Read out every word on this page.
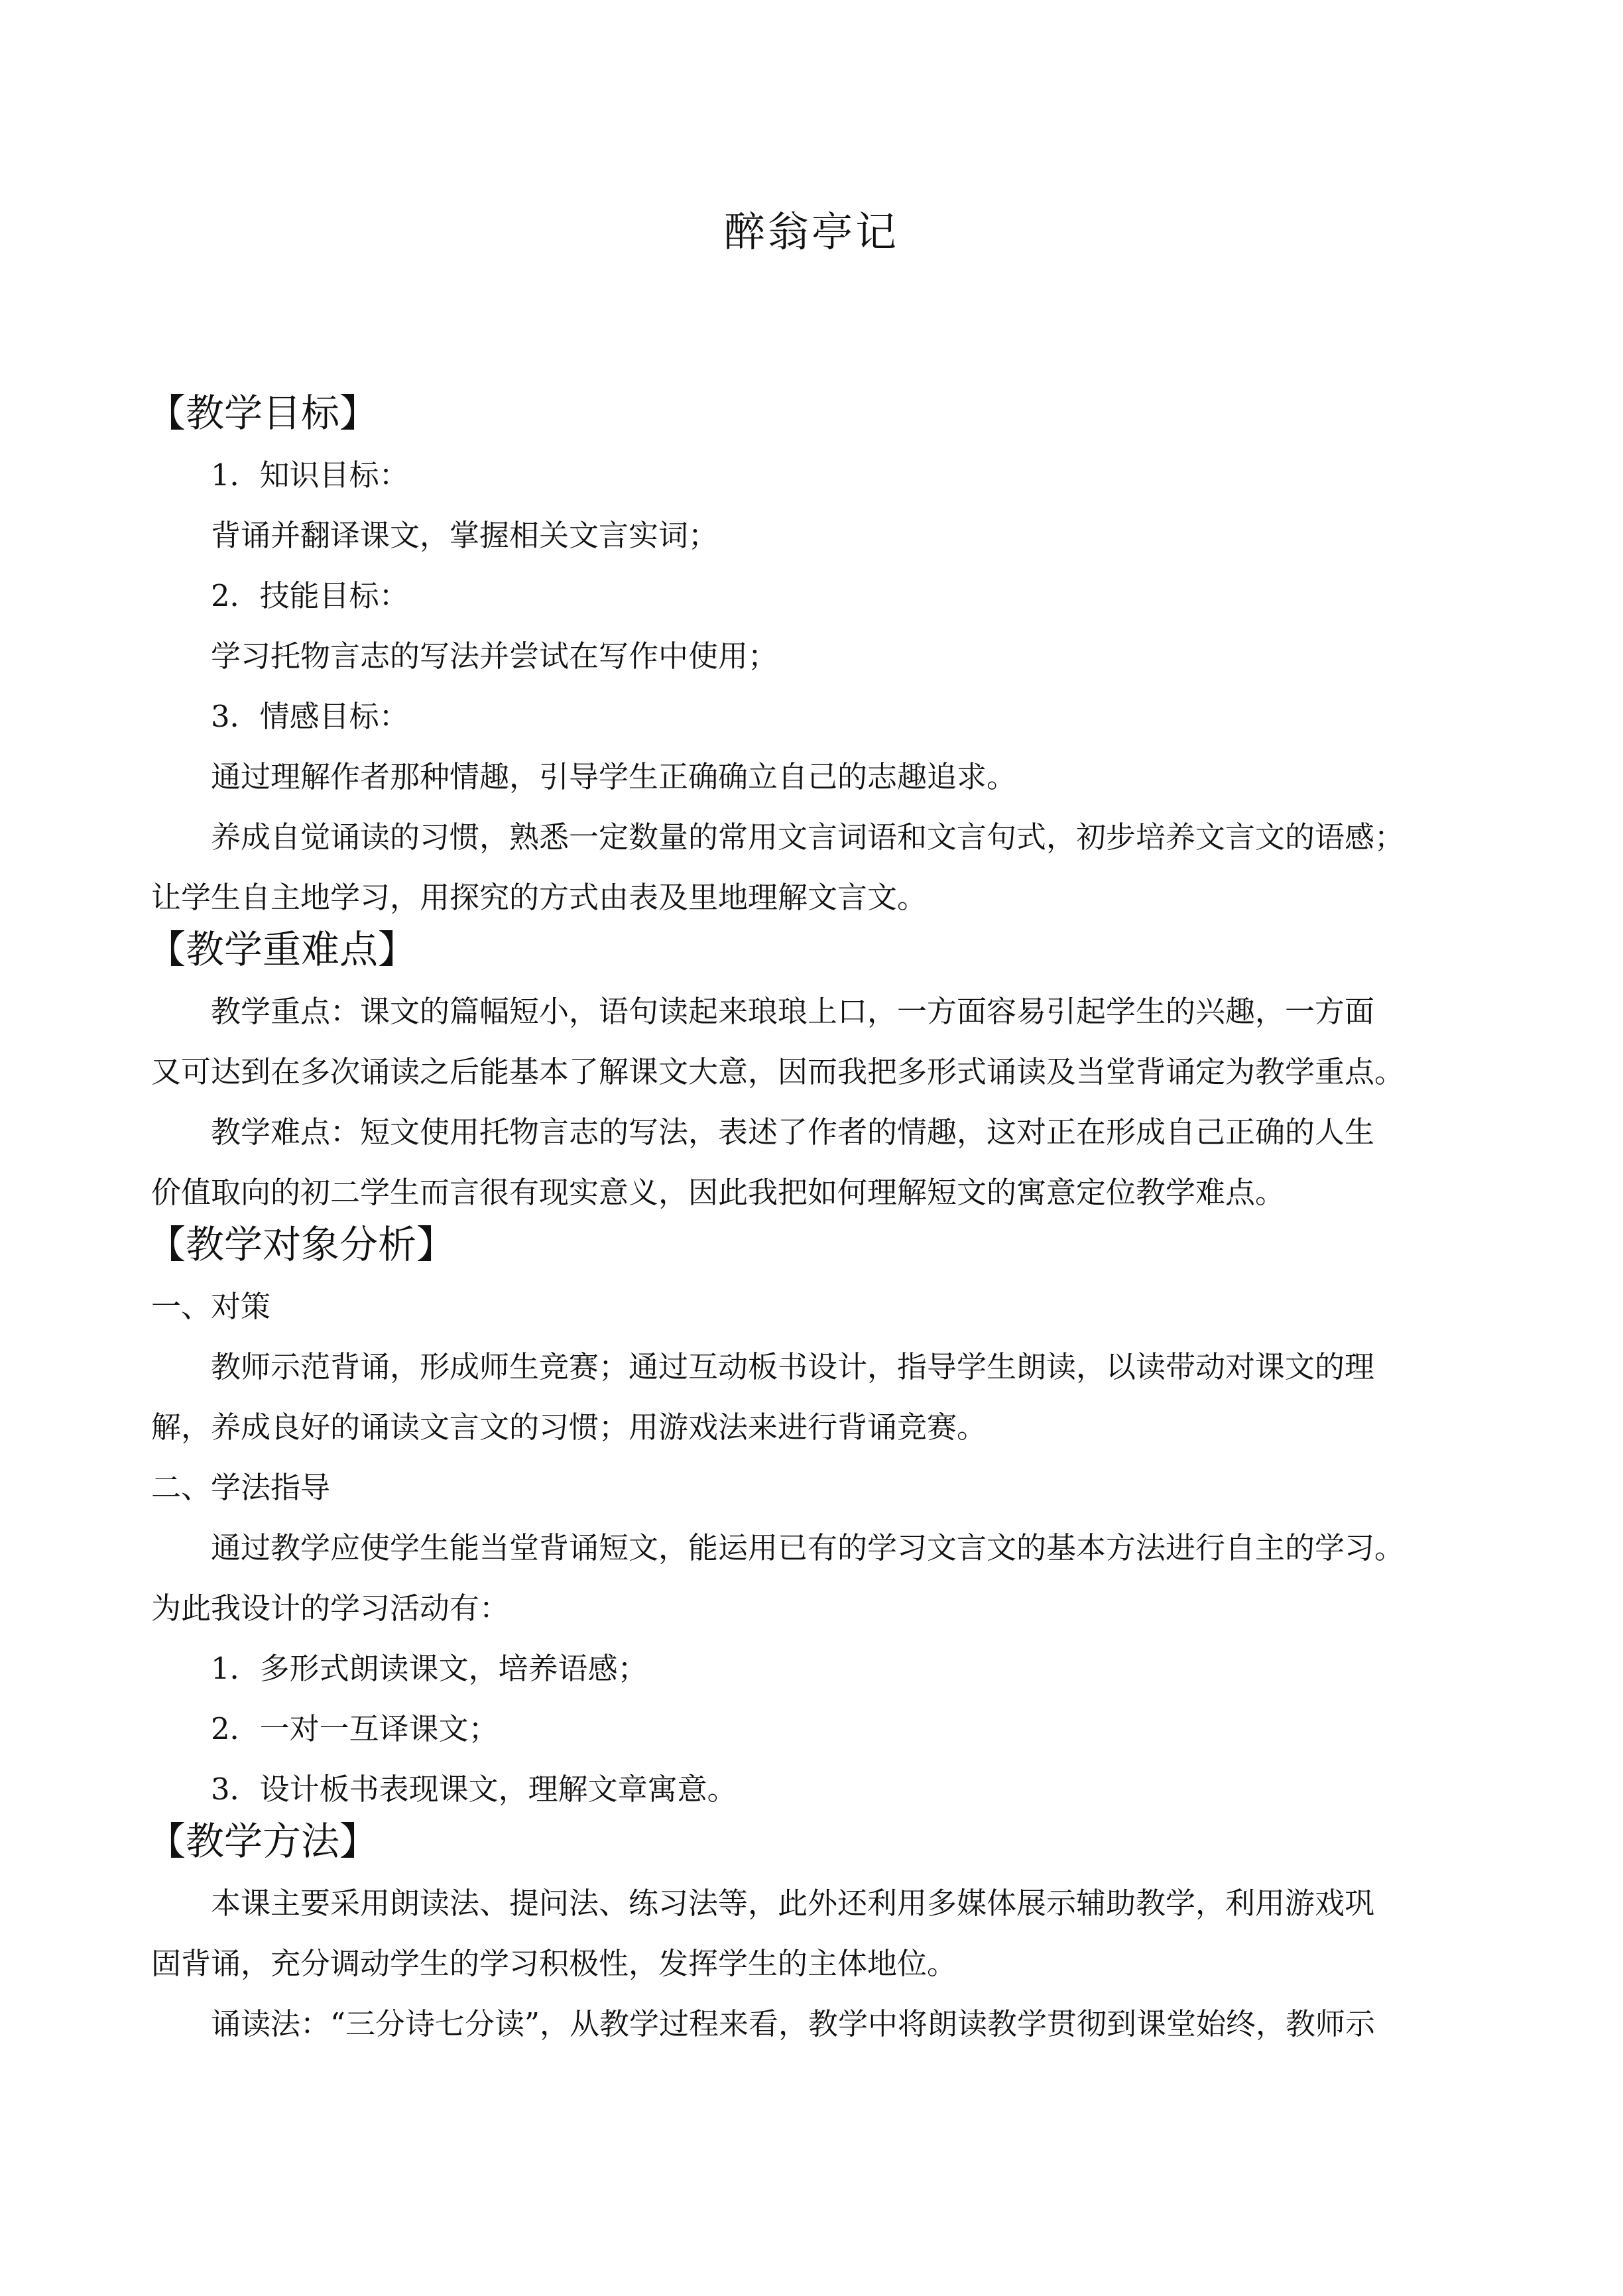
醉翁亭记
【教学目标】
1．知识目标：
背诵并翻译课文，掌握相关文言实词；
2．技能目标：
学习托物言志的写法并尝试在写作中使用；
3．情感目标：
通过理解作者那种情趣，引导学生正确确立自己的志趣追求。
养成自觉诵读的习惯，熟悉一定数量的常用文言词语和文言句式，初步培养文言文的语感；
让学生自主地学习，用探究的方式由表及里地理解文言文。
【教学重难点】
教学重点：课文的篇幅短小，语句读起来琅琅上口，一方面容易引起学生的兴趣，一方面
又可达到在多次诵读之后能基本了解课文大意，因而我把多形式诵读及当堂背诵定为教学重点。
教学难点：短文使用托物言志的写法，表述了作者的情趣，这对正在形成自己正确的人生
价值取向的初二学生而言很有现实意义，因此我把如何理解短文的寓意定位教学难点。
【教学对象分析】
一、对策
教师示范背诵，形成师生竞赛；通过互动板书设计，指导学生朗读，以读带动对课文的理
解，养成良好的诵读文言文的习惯；用游戏法来进行背诵竞赛。
二、学法指导
通过教学应使学生能当堂背诵短文，能运用已有的学习文言文的基本方法进行自主的学习。
为此我设计的学习活动有：
1．多形式朗读课文，培养语感；
2．一对一互译课文；
3．设计板书表现课文，理解文章寓意。
【教学方法】
本课主要采用朗读法、提问法、练习法等，此外还利用多媒体展示辅助教学，利用游戏巩
固背诵，充分调动学生的学习积极性，发挥学生的主体地位。
诵读法：“三分诗七分读”，从教学过程来看，教学中将朗读教学贯彻到课堂始终，教师示
